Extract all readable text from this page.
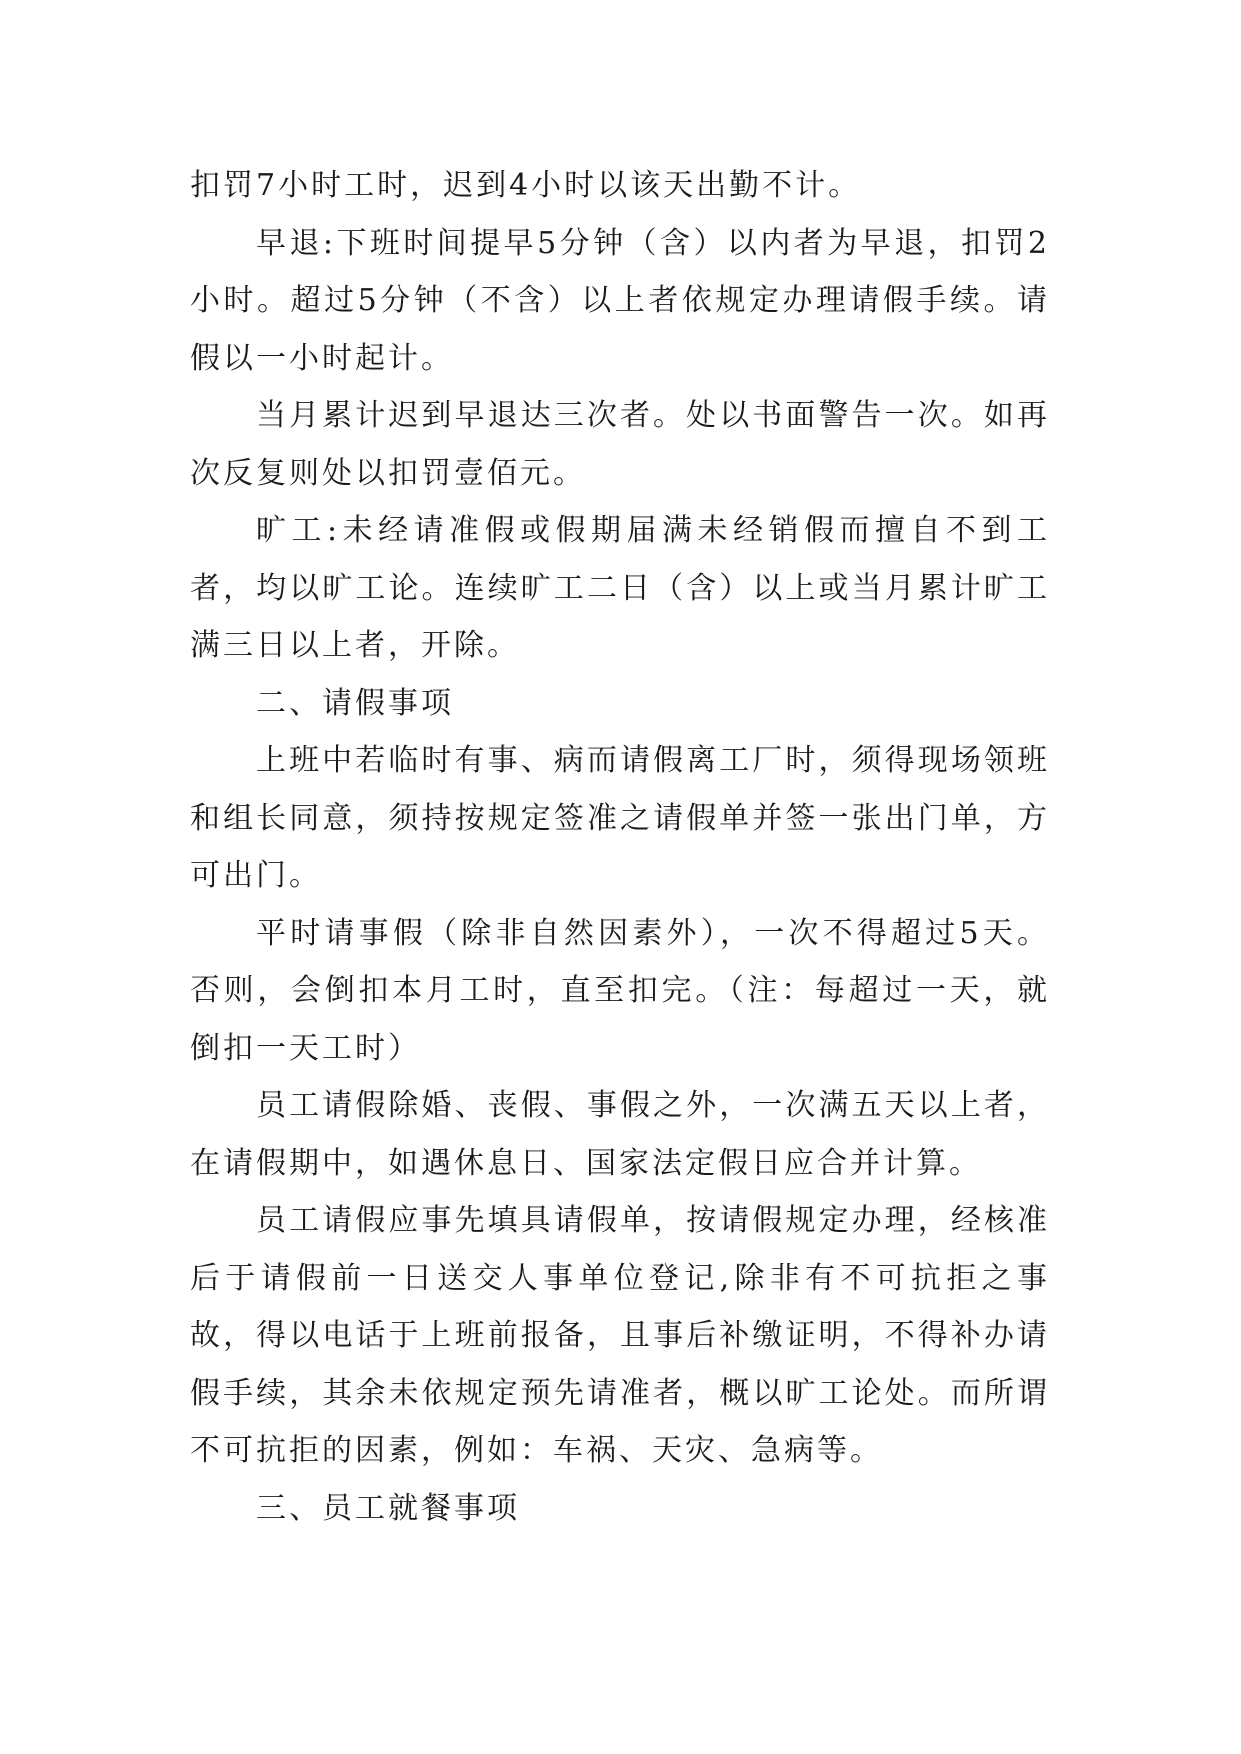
扣罚7小时工时，迟到4小时以该天出勤不计。

早退:下班时间提早5分钟（含）以内者为早退，扣罚2小时。超过5分钟（不含）以上者依规定办理请假手续。请假以一小时起计。

当月累计迟到早退达三次者。处以书面警告一次。如再次反复则处以扣罚壹佰元。

旷工:未经请准假或假期届满未经销假而擅自不到工者，均以旷工论。连续旷工二日（含）以上或当月累计旷工满三日以上者，开除。

二、请假事项

上班中若临时有事、病而请假离工厂时，须得现场领班和组长同意，须持按规定签准之请假单并签一张出门单，方可出门。

平时请事假（除非自然因素外），一次不得超过5天。否则，会倒扣本月工时，直至扣完。（注：每超过一天，就倒扣一天工时）

员工请假除婚、丧假、事假之外，一次满五天以上者，在请假期中，如遇休息日、国家法定假日应合并计算。

员工请假应事先填具请假单，按请假规定办理，经核准后于请假前一日送交人事单位登记,除非有不可抗拒之事故，得以电话于上班前报备，且事后补缴证明，不得补办请假手续，其余未依规定预先请准者，概以旷工论处。而所谓不可抗拒的因素，例如：车祸、天灾、急病等。

三、员工就餐事项
